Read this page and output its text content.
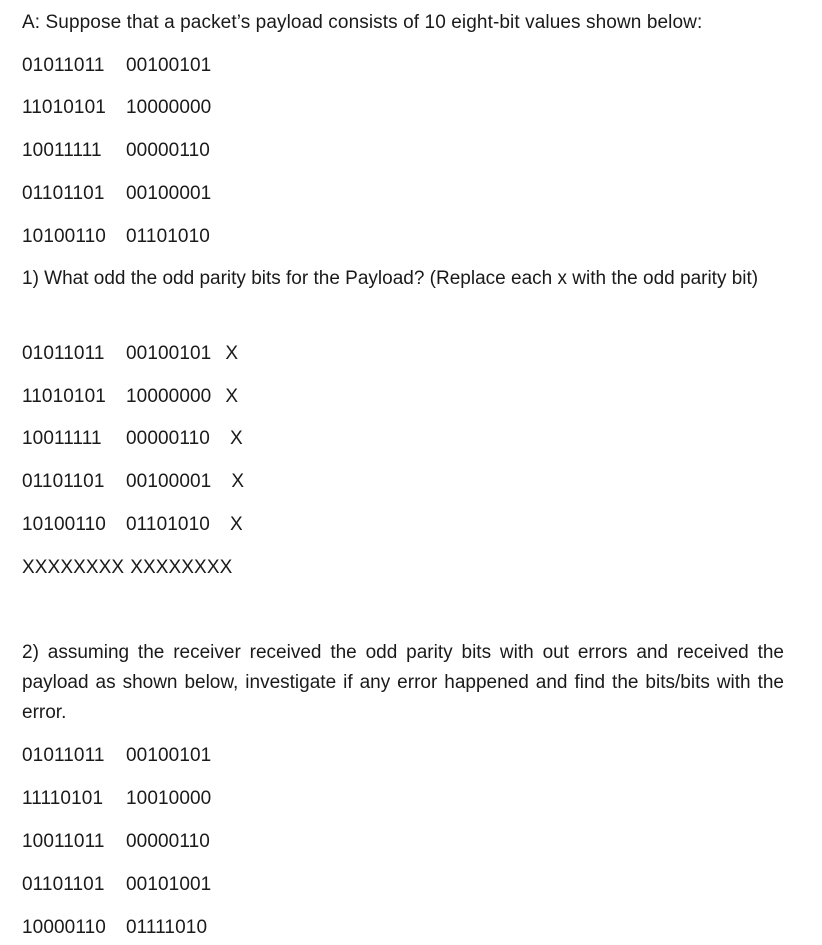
A: Suppose that a packet’s payload consists of 10 eight-bit values shown below:
01011011 00100101
11010101 10000000
10011111 00000110
01101101 00100001
10100110 01101010
1) What odd the odd parity bits for the Payload? (Replace each x with the odd parity bit)
01011011 00100101 X
11010101 10000000 X
10011111 00000110 X
01101101 00100001 X
10100110 01101010 X
XXXXXXXX XXXXXXXX
2) assuming the receiver received the odd parity bits with out errors and received the payload as shown below, investigate if any error happened and find the bits/bits with the error.
01011011 00100101
11110101 10010000
10011011 00000110
01101101 00101001
10000110 01111010
